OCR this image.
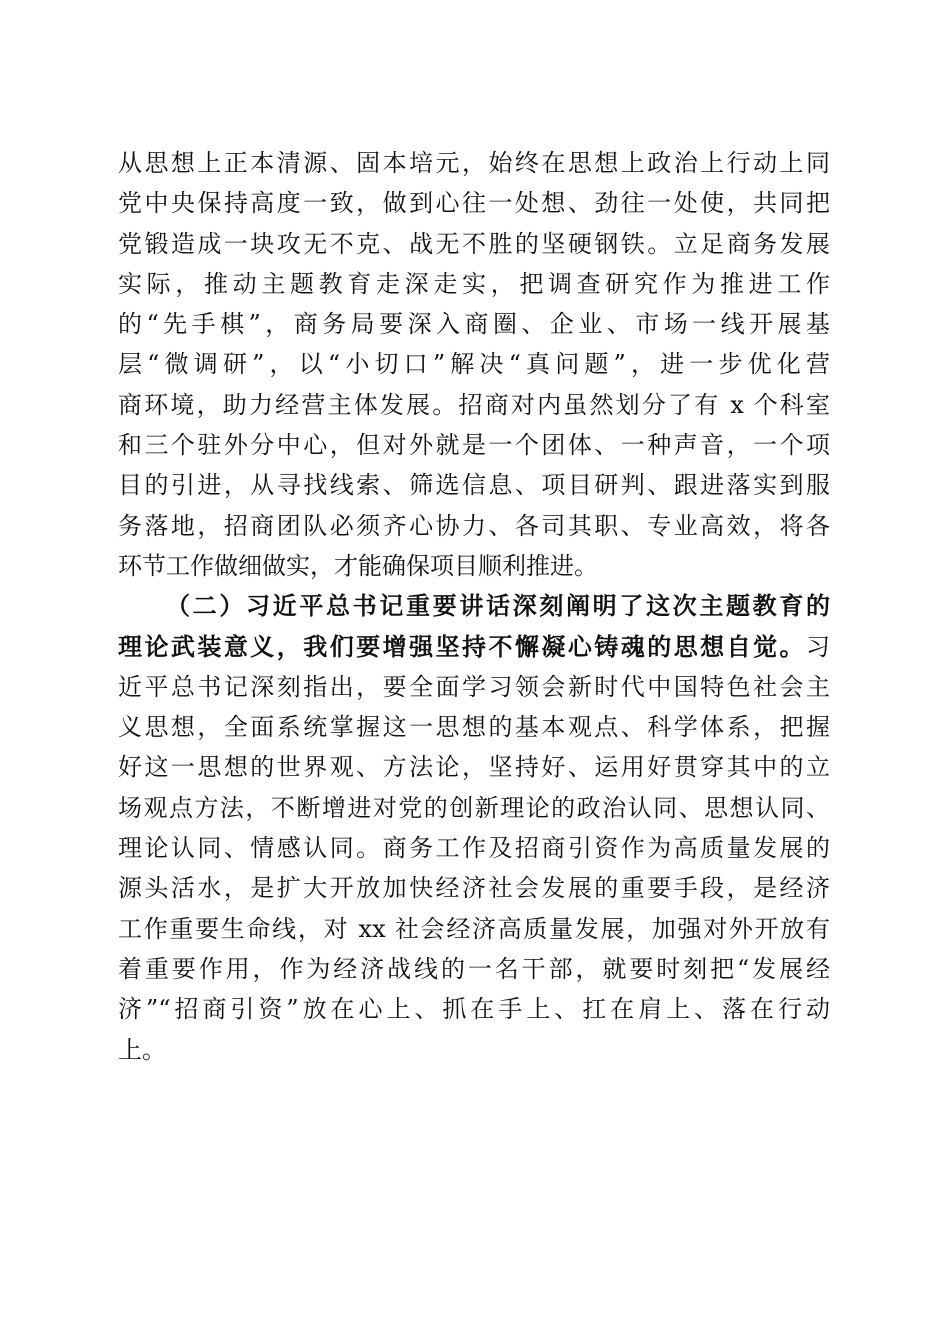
从思想上正本清源、固本培元，始终在思想上政治上行动上同
党中央保持高度一致，做到心往一处想、劲往一处使，共同把
党锻造成一块攻无不克、战无不胜的坚硬钢铁。立足商务发展
实际，推动主题教育走深走实，把调查研究作为推进工作
的“先手棋”，商务局要深入商圈、企业、市场一线开展基
层“微调研”，以“小切口”解决“真问题”，进一步优化营
商环境，助力经营主体发展。招商对内虽然划分了有 x 个科室
和三个驻外分中心，但对外就是一个团体、一种声音，一个项
目的引进，从寻找线索、筛选信息、项目研判、跟进落实到服
务落地，招商团队必须齐心协力、各司其职、专业高效，将各
环节工作做细做实，才能确保项目顺利推进。
（二）习近平总书记重要讲话深刻阐明了这次主题教育的
理论武装意义，我们要增强坚持不懈凝心铸魂的思想自觉。习
近平总书记深刻指出，要全面学习领会新时代中国特色社会主
义思想，全面系统掌握这一思想的基本观点、科学体系，把握
好这一思想的世界观、方法论，坚持好、运用好贯穿其中的立
场观点方法，不断增进对党的创新理论的政治认同、思想认同、
理论认同、情感认同。商务工作及招商引资作为高质量发展的
源头活水，是扩大开放加快经济社会发展的重要手段，是经济
工作重要生命线，对 xx 社会经济高质量发展，加强对外开放有
着重要作用，作为经济战线的一名干部，就要时刻把“发展经
济”“招商引资”放在心上、抓在手上、扛在肩上、落在行动
上。
